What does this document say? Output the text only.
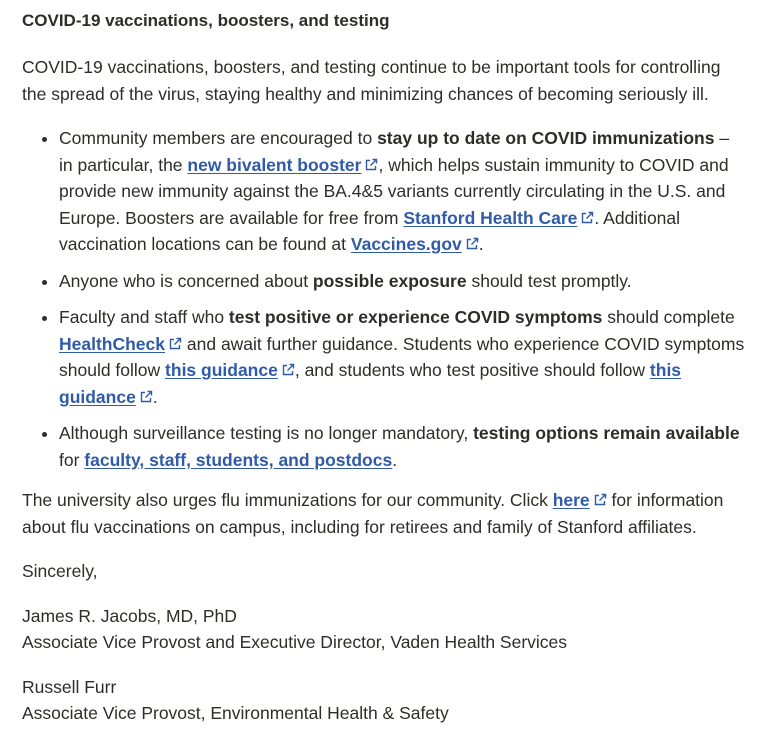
COVID-19 vaccinations, boosters, and testing

COVID-19 vaccinations, boosters, and testing continue to be important tools for controlling the spread of the virus, staying healthy and minimizing chances of becoming seriously ill.

• Community members are encouraged to stay up to date on COVID immunizations – in particular, the new bivalent booster , which helps sustain immunity to COVID and provide new immunity against the BA.4&5 variants currently circulating in the U.S. and Europe. Boosters are available for free from Stanford Health Care . Additional vaccination locations can be found at Vaccines.gov .
• Anyone who is concerned about possible exposure should test promptly.
• Faculty and staff who test positive or experience COVID symptoms should complete HealthCheck
and await further guidance. Students who experience COVID symptoms should follow this guidance , and students who test positive should follow this guidance .
• Although surveillance testing is no longer mandatory, testing options remain available for faculty, staff, students, and postdocs.

The university also urges flu immunizations for our community. Click here
for information about flu vaccinations on campus, including for retirees and family of Stanford affiliates.

Sincerely,

James R. Jacobs, MD, PhD
Associate Vice Provost and Executive Director, Vaden Health Services

Russell Furr
Associate Vice Provost, Environmental Health & Safety
